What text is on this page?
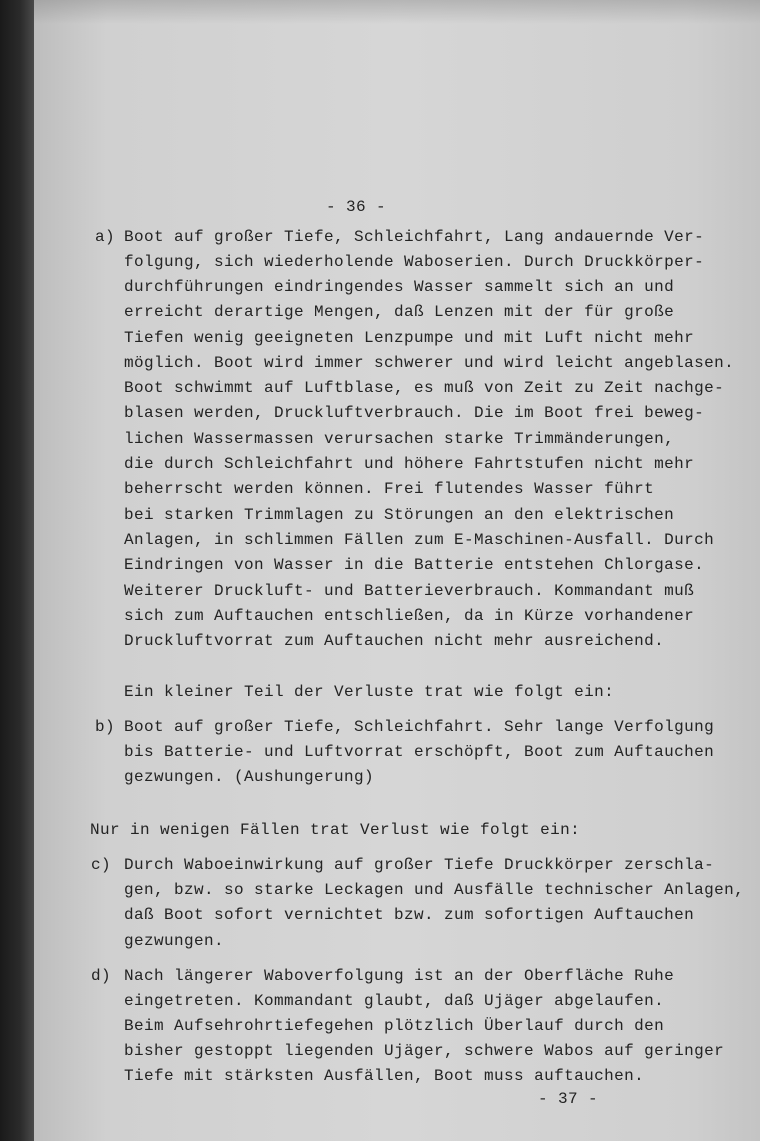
- 36 -
a) Boot auf großer Tiefe, Schleichfahrt, Lang andauernde Ver-
folgung, sich wiederholende Waboserien. Durch Druckkörper-
durchführungen eindringendes Wasser sammelt sich an und
erreicht derartige Mengen, daß Lenzen mit der für große
Tiefen wenig geeigneten Lenzpumpe und mit Luft nicht mehr
möglich. Boot wird immer schwerer und wird leicht angeblasen.
Boot schwimmt auf Luftblase, es muß von Zeit zu Zeit nachge-
blasen werden, Druckluftverbrauch. Die im Boot frei beweg-
lichen Wassermassen verursachen starke Trimmänderungen,
die durch Schleichfahrt und höhere Fahrtstufen nicht mehr
beherrscht werden können. Frei flutendes Wasser führt
bei starken Trimmlagen zu Störungen an den elektrischen
Anlagen, in schlimmen Fällen zum E-Maschinen-Ausfall. Durch
Eindringen von Wasser in die Batterie entstehen Chlorgase.
Weiterer Druckluft- und Batterieverbrauch. Kommandant muß
sich zum Auftauchen entschließen, da in Kürze vorhandener
Druckluftvorrat zum Auftauchen nicht mehr ausreichend.
Ein kleiner Teil der Verluste trat wie folgt ein:
b) Boot auf großer Tiefe, Schleichfahrt. Sehr lange Verfolgung
bis Batterie- und Luftvorrat erschöpft, Boot zum Auftauchen
gezwungen. (Aushungerung)
Nur in wenigen Fällen trat Verlust wie folgt ein:
c) Durch Waboeinwirkung auf großer Tiefe Druckkörper zerschla-
gen, bzw. so starke Leckagen und Ausfälle technischer Anlagen,
daß Boot sofort vernichtet bzw. zum sofortigen Auftauchen
gezwungen.
d) Nach längerer Waboverfolgung ist an der Oberfläche Ruhe
eingetreten. Kommandant glaubt, daß Ujäger abgelaufen.
Beim Aufsehrohrtiefegehen plötzlich Überlauf durch den
bisher gestoppt liegenden Ujäger, schwere Wabos auf geringer
Tiefe mit stärksten Ausfällen, Boot muss auftauchen.
- 37 -
